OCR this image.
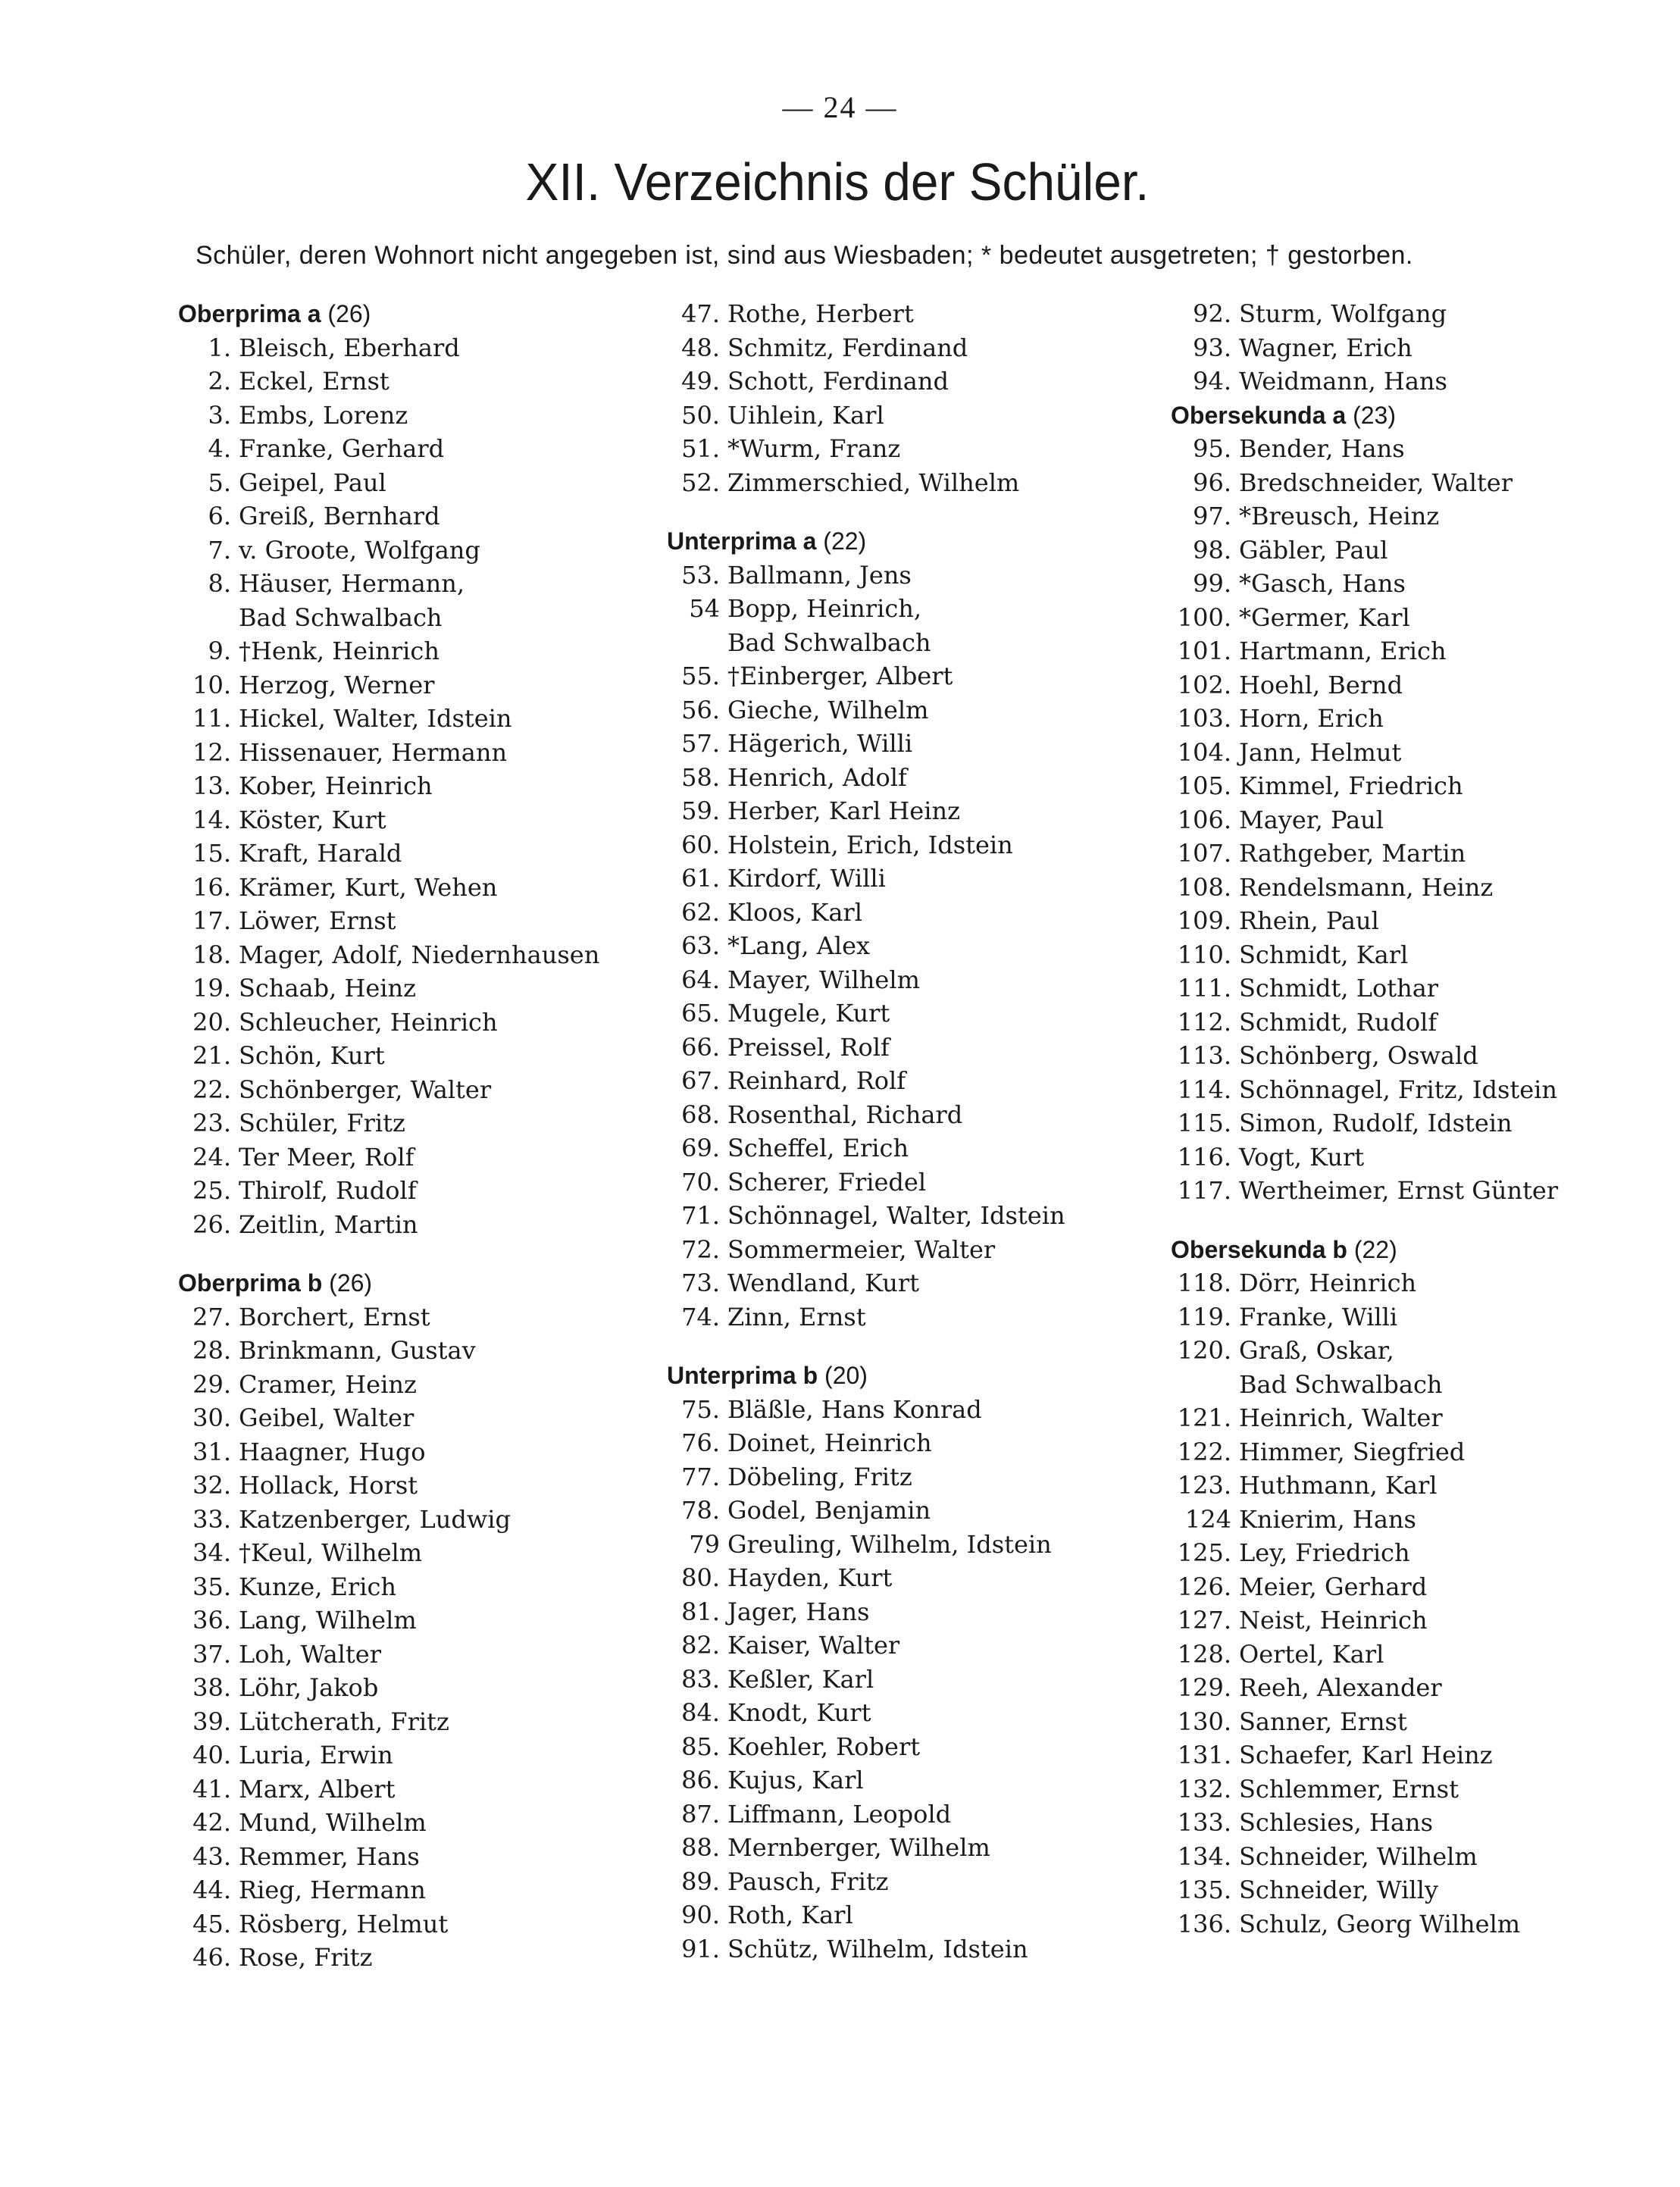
— 24 —
XII. Verzeichnis der Schüler.
Schüler, deren Wohnort nicht angegeben ist, sind aus Wiesbaden; * bedeutet ausgetreten; † gestorben.
Oberprima a (26)
1. Bleisch, Eberhard
2. Eckel, Ernst
3. Embs, Lorenz
4. Franke, Gerhard
5. Geipel, Paul
6. Greiß, Bernhard
7. v. Groote, Wolfgang
8. Häuser, Hermann,
Bad Schwalbach
9. †Henk, Heinrich
10. Herzog, Werner
11. Hickel, Walter, Idstein
12. Hissenauer, Hermann
13. Kober, Heinrich
14. Köster, Kurt
15. Kraft, Harald
16. Krämer, Kurt, Wehen
17. Löwer, Ernst
18. Mager, Adolf, Niedernhausen
19. Schaab, Heinz
20. Schleucher, Heinrich
21. Schön, Kurt
22. Schönberger, Walter
23. Schüler, Fritz
24. Ter Meer, Rolf
25. Thirolf, Rudolf
26. Zeitlin, Martin
Oberprima b (26)
27. Borchert, Ernst
28. Brinkmann, Gustav
29. Cramer, Heinz
30. Geibel, Walter
31. Haagner, Hugo
32. Hollack, Horst
33. Katzenberger, Ludwig
34. †Keul, Wilhelm
35. Kunze, Erich
36. Lang, Wilhelm
37. Loh, Walter
38. Löhr, Jakob
39. Lütcherath, Fritz
40. Luria, Erwin
41. Marx, Albert
42. Mund, Wilhelm
43. Remmer, Hans
44. Rieg, Hermann
45. Rösberg, Helmut
46. Rose, Fritz
47. Rothe, Herbert
48. Schmitz, Ferdinand
49. Schott, Ferdinand
50. Uihlein, Karl
51. *Wurm, Franz
52. Zimmerschied, Wilhelm
Unterprima a (22)
53. Ballmann, Jens
54 Bopp, Heinrich,
Bad Schwalbach
55. †Einberger, Albert
56. Gieche, Wilhelm
57. Hägerich, Willi
58. Henrich, Adolf
59. Herber, Karl Heinz
60. Holstein, Erich, Idstein
61. Kirdorf, Willi
62. Kloos, Karl
63. *Lang, Alex
64. Mayer, Wilhelm
65. Mugele, Kurt
66. Preissel, Rolf
67. Reinhard, Rolf
68. Rosenthal, Richard
69. Scheffel, Erich
70. Scherer, Friedel
71. Schönnagel, Walter, Idstein
72. Sommermeier, Walter
73. Wendland, Kurt
74. Zinn, Ernst
Unterprima b (20)
75. Bläßle, Hans Konrad
76. Doinet, Heinrich
77. Döbeling, Fritz
78. Godel, Benjamin
79 Greuling, Wilhelm, Idstein
80. Hayden, Kurt
81. Jager, Hans
82. Kaiser, Walter
83. Keßler, Karl
84. Knodt, Kurt
85. Koehler, Robert
86. Kujus, Karl
87. Liffmann, Leopold
88. Mernberger, Wilhelm
89. Pausch, Fritz
90. Roth, Karl
91. Schütz, Wilhelm, Idstein
92. Sturm, Wolfgang
93. Wagner, Erich
94. Weidmann, Hans
Obersekunda a (23)
95. Bender, Hans
96. Bredschneider, Walter
97. *Breusch, Heinz
98. Gäbler, Paul
99. *Gasch, Hans
100. *Germer, Karl
101. Hartmann, Erich
102. Hoehl, Bernd
103. Horn, Erich
104. Jann, Helmut
105. Kimmel, Friedrich
106. Mayer, Paul
107. Rathgeber, Martin
108. Rendelsmann, Heinz
109. Rhein, Paul
110. Schmidt, Karl
111. Schmidt, Lothar
112. Schmidt, Rudolf
113. Schönberg, Oswald
114. Schönnagel, Fritz, Idstein
115. Simon, Rudolf, Idstein
116. Vogt, Kurt
117. Wertheimer, Ernst Günter
Obersekunda b (22)
118. Dörr, Heinrich
119. Franke, Willi
120. Graß, Oskar,
Bad Schwalbach
121. Heinrich, Walter
122. Himmer, Siegfried
123. Huthmann, Karl
124 Knierim, Hans
125. Ley, Friedrich
126. Meier, Gerhard
127. Neist, Heinrich
128. Oertel, Karl
129. Reeh, Alexander
130. Sanner, Ernst
131. Schaefer, Karl Heinz
132. Schlemmer, Ernst
133. Schlesies, Hans
134. Schneider, Wilhelm
135. Schneider, Willy
136. Schulz, Georg Wilhelm
